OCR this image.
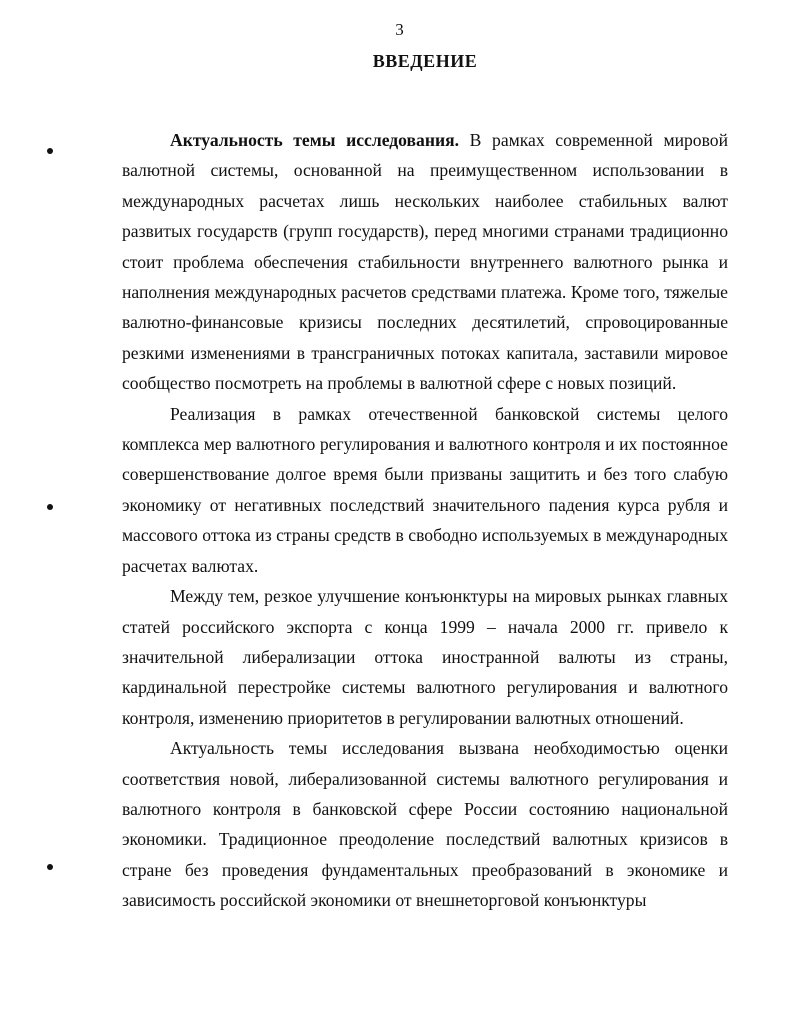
3
ВВЕДЕНИЕ

Актуальность темы исследования. В рамках современной мировой валютной системы, основанной на преимущественном использовании в международных расчетах лишь нескольких наиболее стабильных валют развитых государств (групп государств), перед многими странами традиционно стоит проблема обеспечения стабильности внутреннего валютного рынка и наполнения международных расчетов средствами платежа. Кроме того, тяжелые валютно-финансовые кризисы последних десятилетий, спровоцированные резкими изменениями в трансграничных потоках капитала, заставили мировое сообщество посмотреть на проблемы в валютной сфере с новых позиций.

Реализация в рамках отечественной банковской системы целого комплекса мер валютного регулирования и валютного контроля и их постоянное совершенствование долгое время были призваны защитить и без того слабую экономику от негативных последствий значительного падения курса рубля и массового оттока из страны средств в свободно используемых в международных расчетах валютах.

Между тем, резкое улучшение конъюнктуры на мировых рынках главных статей российского экспорта с конца 1999 – начала 2000 гг. привело к значительной либерализации оттока иностранной валюты из страны, кардинальной перестройке системы валютного регулирования и валютного контроля, изменению приоритетов в регулировании валютных отношений.

Актуальность темы исследования вызвана необходимостью оценки соответствия новой, либерализованной системы валютного регулирования и валютного контроля в банковской сфере России состоянию национальной экономики. Традиционное преодоление последствий валютных кризисов в стране без проведения фундаментальных преобразований в экономике и зависимость российской экономики от внешнеторговой конъюнктуры
